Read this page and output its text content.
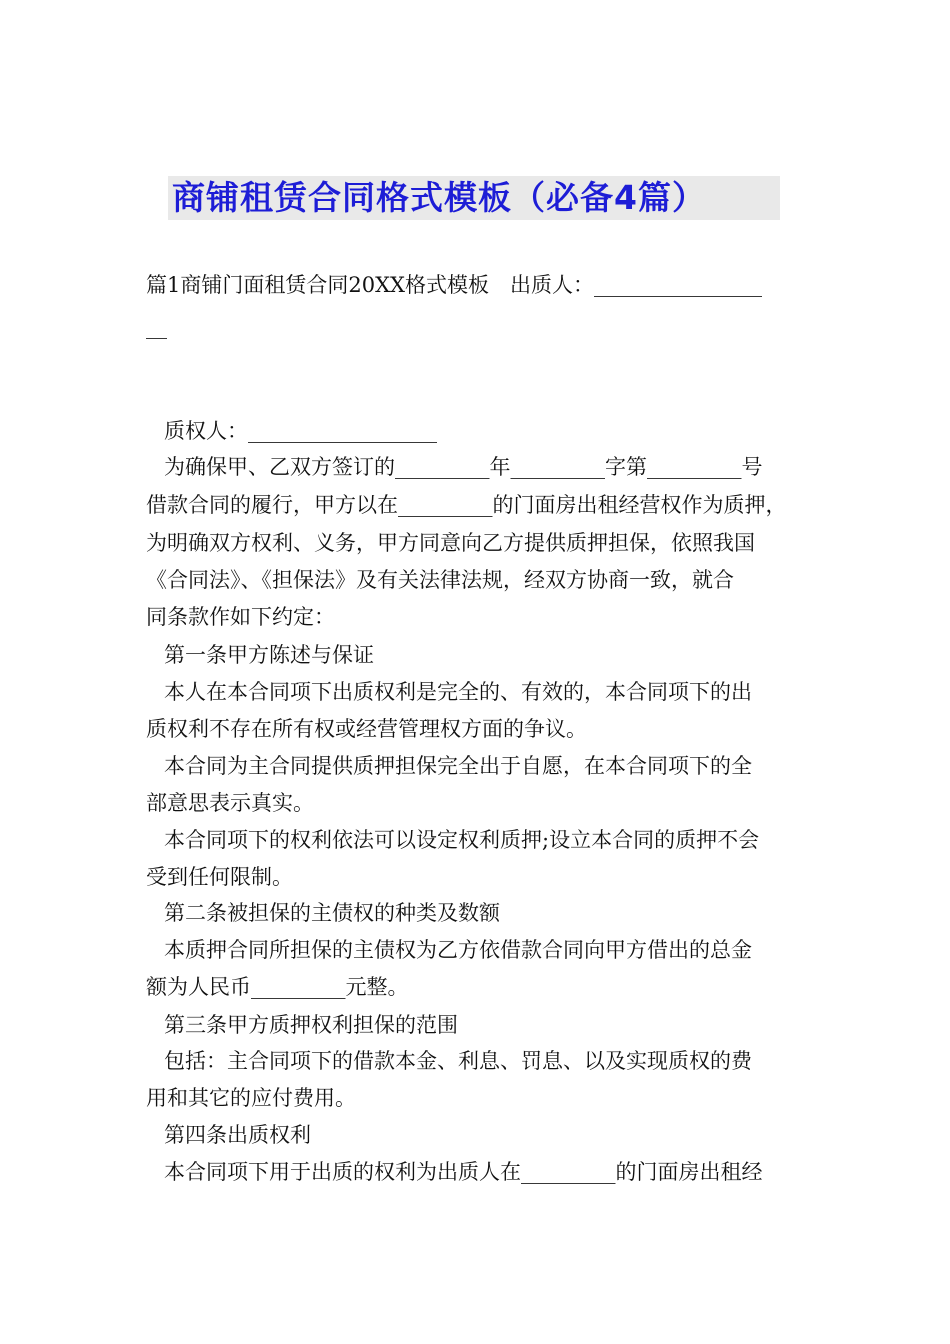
商铺租赁合同格式模板（必备4篇）
篇1商铺门面租赁合同20XX格式模板　出质人：________________
__
质权人：__________________
为确保甲、乙双方签订的_________年_________字第_________号
借款合同的履行，甲方以在_________的门面房出租经营权作为质押，
为明确双方权利、义务，甲方同意向乙方提供质押担保，依照我国
《合同法》、《担保法》及有关法律法规，经双方协商一致，就合
同条款作如下约定：
第一条甲方陈述与保证
本人在本合同项下出质权利是完全的、有效的，本合同项下的出
质权利不存在所有权或经营管理权方面的争议。
本合同为主合同提供质押担保完全出于自愿，在本合同项下的全
部意思表示真实。
本合同项下的权利依法可以设定权利质押;设立本合同的质押不会
受到任何限制。
第二条被担保的主债权的种类及数额
本质押合同所担保的主债权为乙方依借款合同向甲方借出的总金
额为人民币_________元整。
第三条甲方质押权利担保的范围
包括：主合同项下的借款本金、利息、罚息、以及实现质权的费
用和其它的应付费用。
第四条出质权利
本合同项下用于出质的权利为出质人在_________的门面房出租经
